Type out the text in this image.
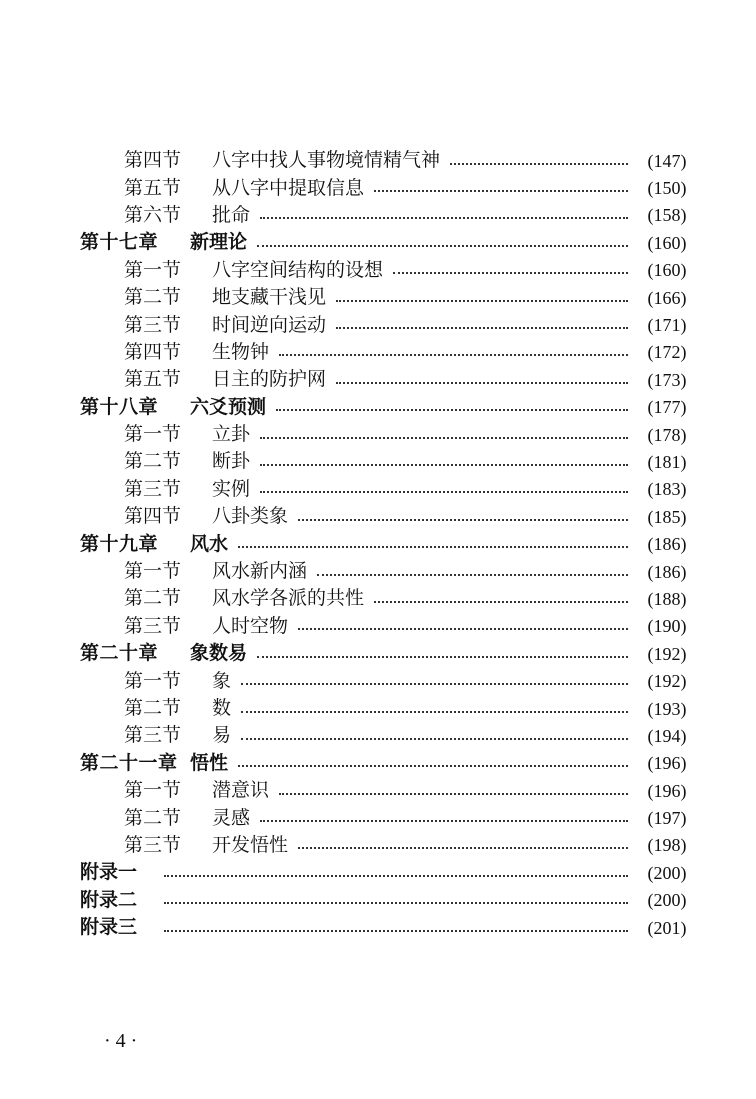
第四节	八字中找人事物境情精气神	(147)
第五节	从八字中提取信息	(150)
第六节	批命	(158)
第十七章	新理论	(160)
第一节	八字空间结构的设想	(160)
第二节	地支藏干浅见	(166)
第三节	时间逆向运动	(171)
第四节	生物钟	(172)
第五节	日主的防护网	(173)
第十八章	六爻预测	(177)
第一节	立卦	(178)
第二节	断卦	(181)
第三节	实例	(183)
第四节	八卦类象	(185)
第十九章	风水	(186)
第一节	风水新内涵	(186)
第二节	风水学各派的共性	(188)
第三节	人时空物	(190)
第二十章	象数易	(192)
第一节	象	(192)
第二节	数	(193)
第三节	易	(194)
第二十一章 悟性	(196)
第一节	潜意识	(196)
第二节	灵感	(197)
第三节	开发悟性	(198)
附录一	(200)
附录二	(200)
附录三	(201)
· 4 ·
